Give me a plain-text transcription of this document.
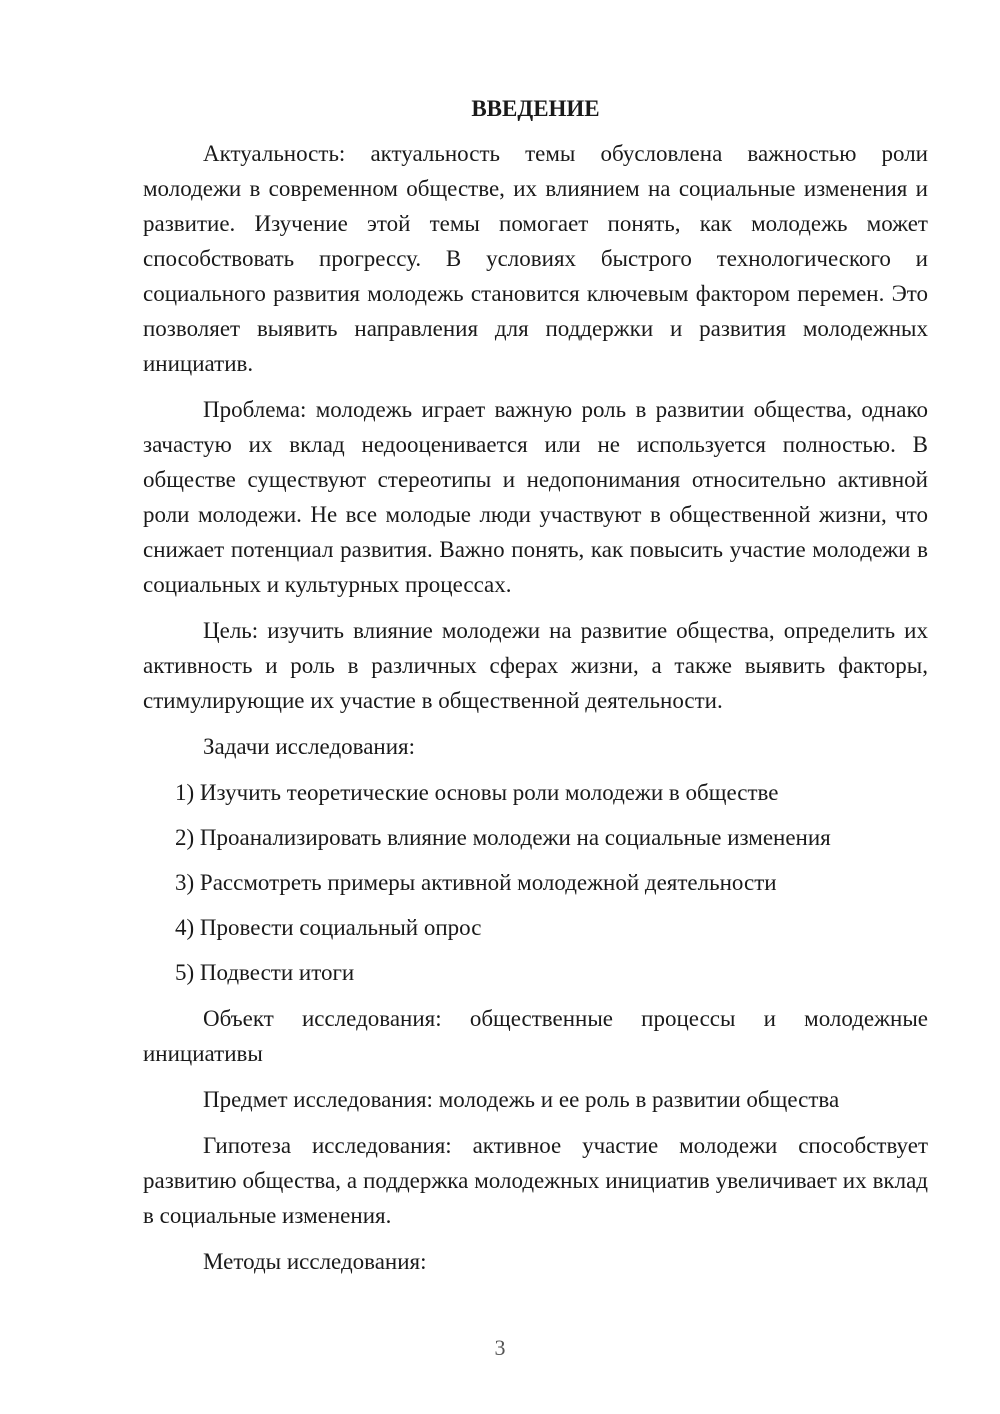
ВВЕДЕНИЕ

Актуальность: актуальность темы обусловлена важностью роли молодежи в современном обществе, их влиянием на социальные изменения и развитие. Изучение этой темы помогает понять, как молодежь может способствовать прогрессу. В условиях быстрого технологического и социального развития молодежь становится ключевым фактором перемен. Это позволяет выявить направления для поддержки и развития молодежных инициатив.

Проблема: молодежь играет важную роль в развитии общества, однако зачастую их вклад недооценивается или не используется полностью. В обществе существуют стереотипы и недопонимания относительно активной роли молодежи. Не все молодые люди участвуют в общественной жизни, что снижает потенциал развития. Важно понять, как повысить участие молодежи в социальных и культурных процессах.

Цель: изучить влияние молодежи на развитие общества, определить их активность и роль в различных сферах жизни, а также выявить факторы, стимулирующие их участие в общественной деятельности.

Задачи исследования:

1) Изучить теоретические основы роли молодежи в обществе
2) Проанализировать влияние молодежи на социальные изменения
3) Рассмотреть примеры активной молодежной деятельности
4) Провести социальный опрос
5) Подвести итоги

Объект исследования: общественные процессы и молодежные инициативы

Предмет исследования: молодежь и ее роль в развитии общества

Гипотеза исследования: активное участие молодежи способствует развитию общества, а поддержка молодежных инициатив увеличивает их вклад в социальные изменения.

Методы исследования:

3
